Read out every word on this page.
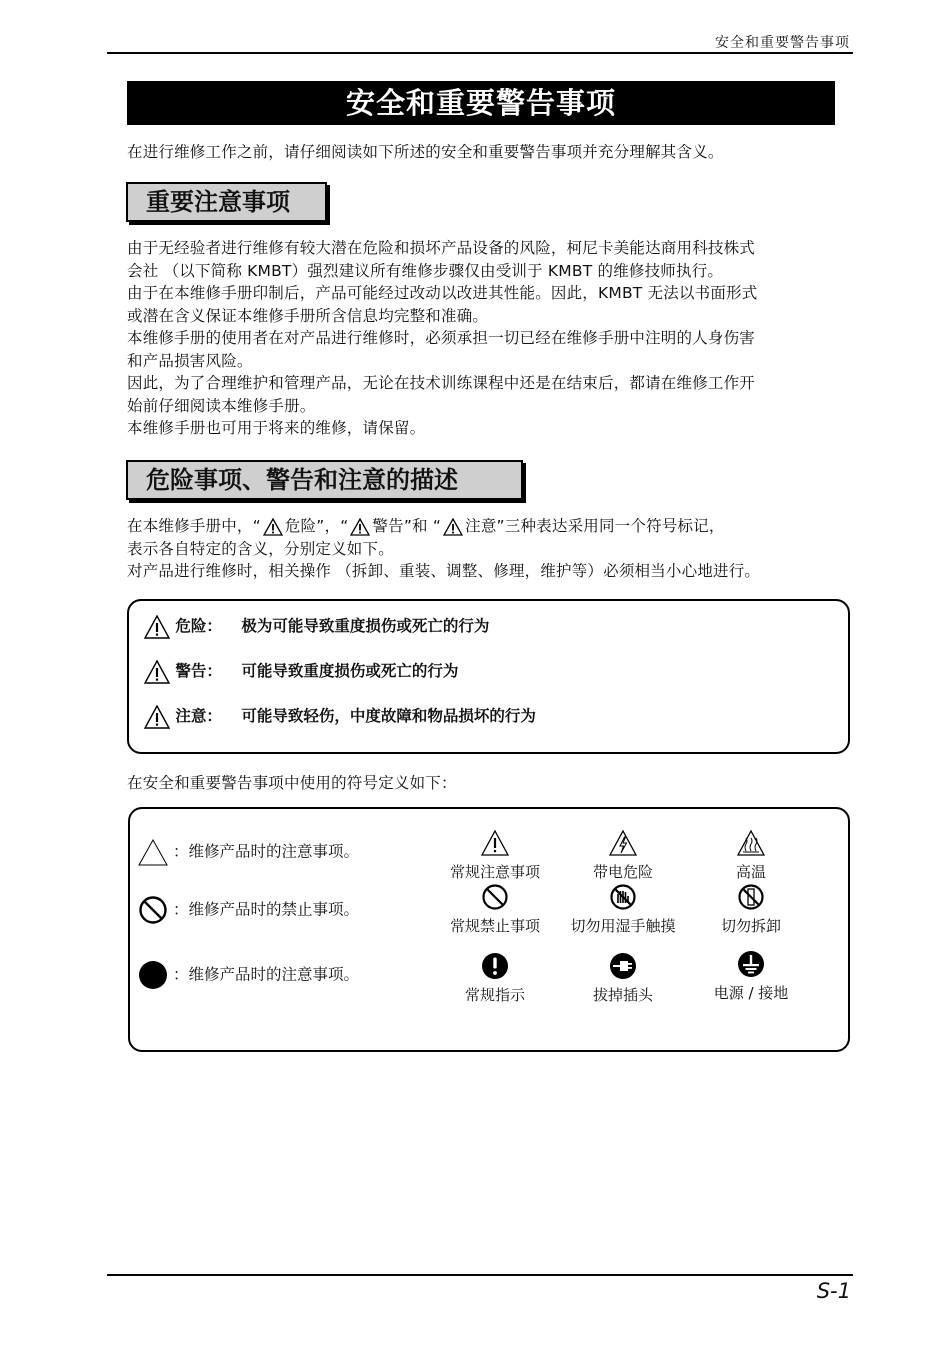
安全和重要警告事项
安全和重要警告事项
在进行维修工作之前，请仔细阅读如下所述的安全和重要警告事项并充分理解其含义。
重要注意事项
由于无经验者进行维修有较大潜在危险和损坏产品设备的风险，柯尼卡美能达商用科技株式
会社 （以下简称 KMBT）强烈建议所有维修步骤仅由受训于 KMBT 的维修技师执行。
由于在本维修手册印制后，产品可能经过改动以改进其性能。因此，KMBT 无法以书面形式
或潜在含义保证本维修手册所含信息均完整和准确。
本维修手册的使用者在对产品进行维修时，必须承担一切已经在维修手册中注明的人身伤害
和产品损害风险。
因此，为了合理维护和管理产品，无论在技术训练课程中还是在结束后，都请在维修工作开
始前仔细阅读本维修手册。
本维修手册也可用于将来的维修，请保留。
危险事项、警告和注意的描述
在本维修手册中，“ 危险”，“ 警告”和 “ 注意”三种表达采用同一个符号标记，
表示各自特定的含义，分别定义如下。
对产品进行维修时，相关操作 （拆卸、重装、调整、修理，维护等）必须相当小心地进行。
危险： 极为可能导致重度损伤或死亡的行为
警告： 可能导致重度损伤或死亡的行为
注意： 可能导致轻伤，中度故障和物品损坏的行为
在安全和重要警告事项中使用的符号定义如下：
：维修产品时的注意事项。
：维修产品时的禁止事项。
：维修产品时的注意事项。
常规注意事项	带电危险	高温
常规禁止事项	切勿用湿手触摸	切勿拆卸
常规指示	拔掉插头	电源 / 接地
S-1
